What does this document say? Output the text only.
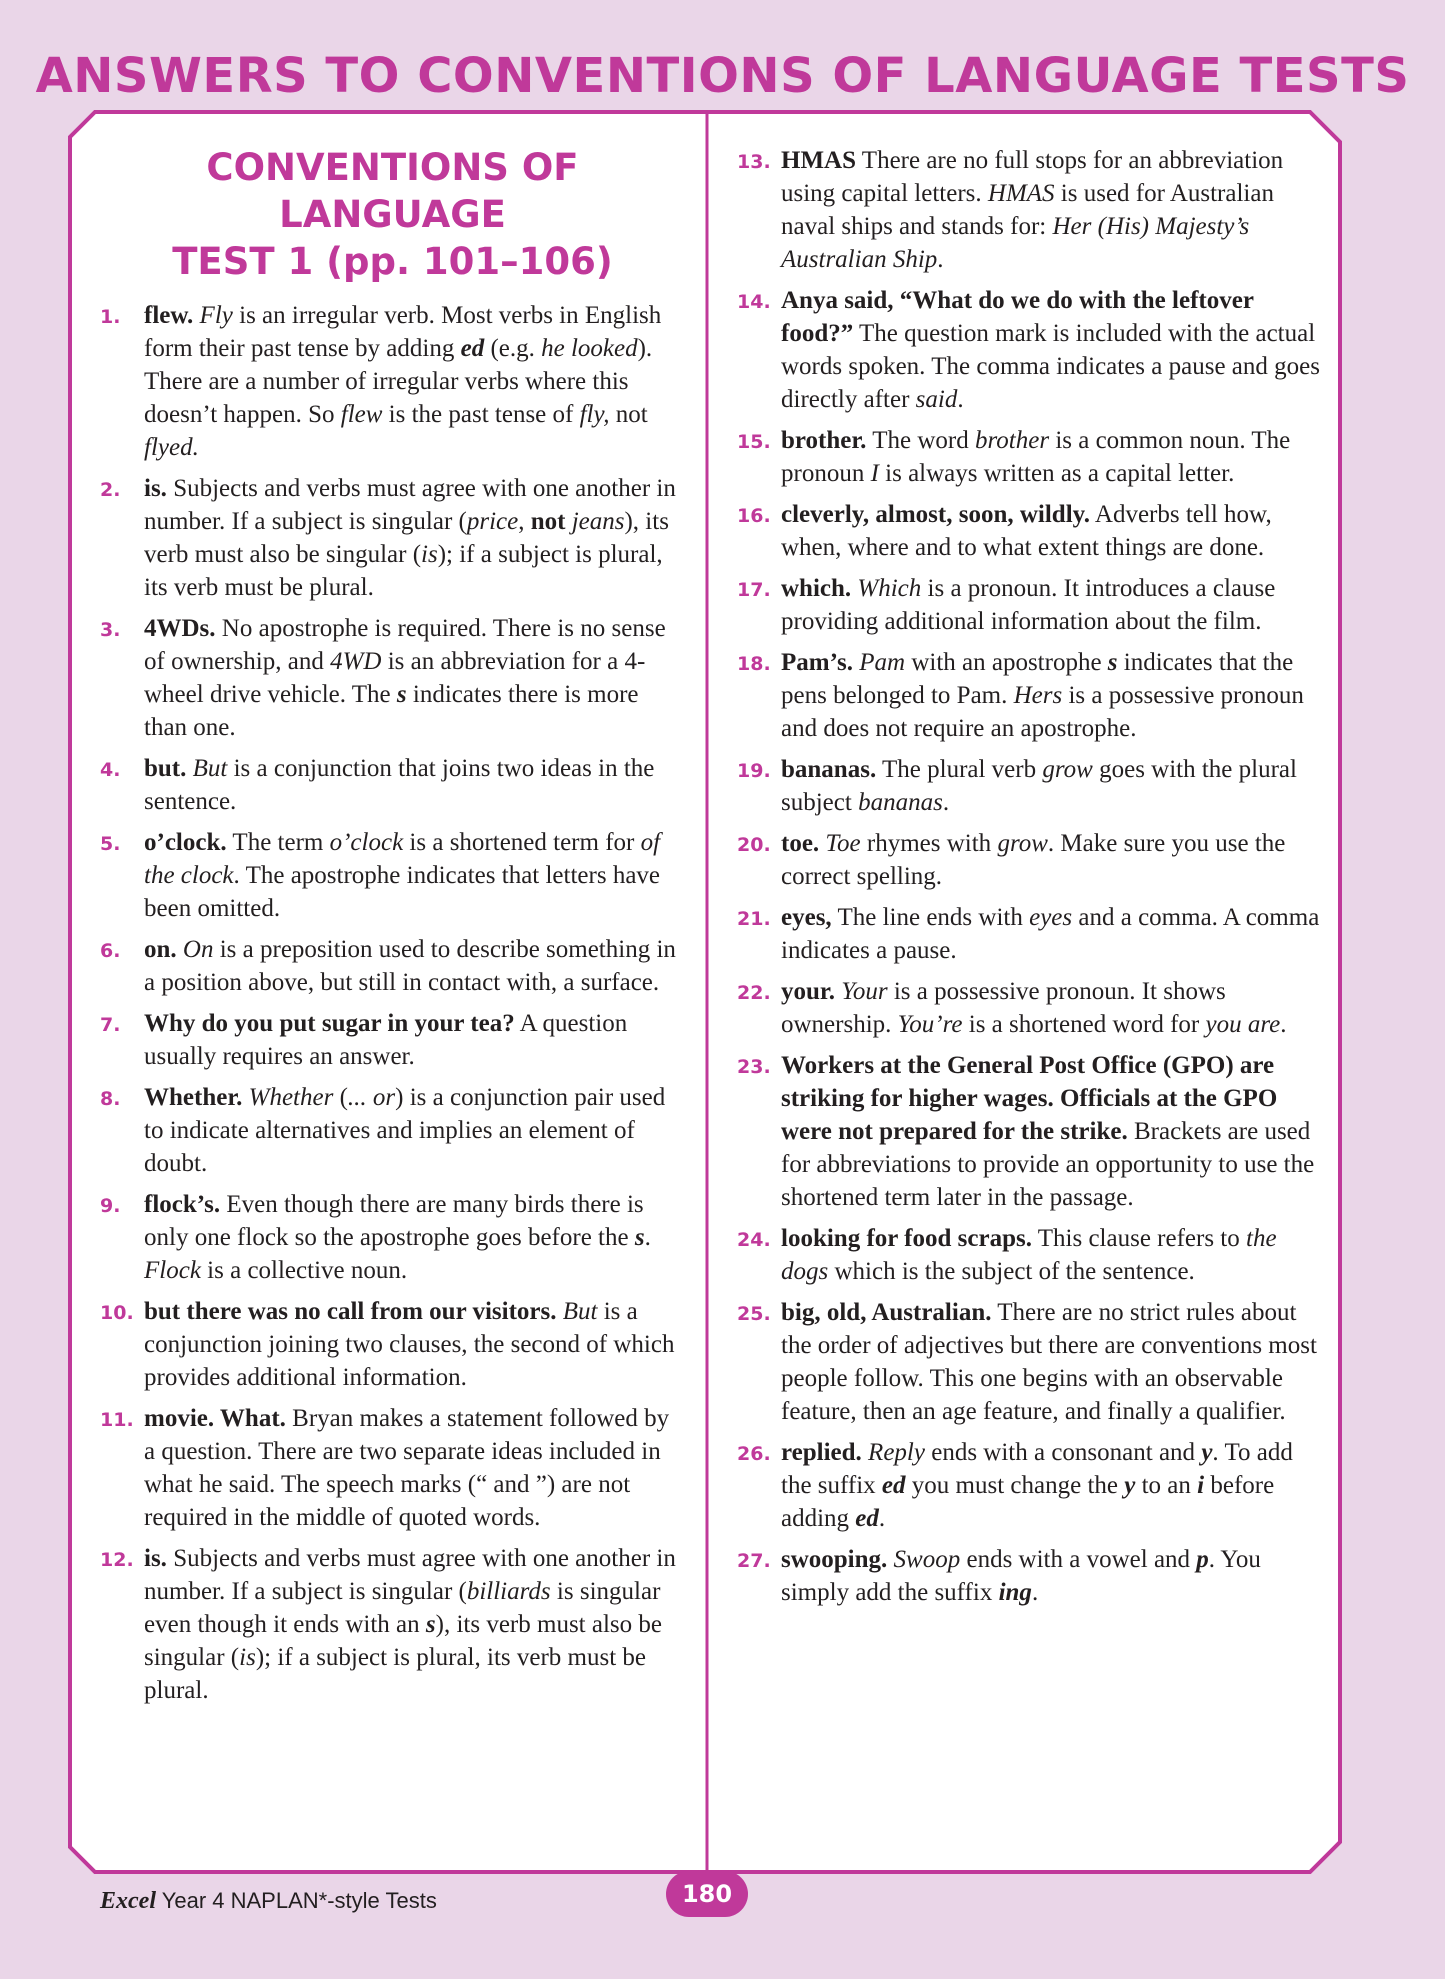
ANSWERS TO CONVENTIONS OF LANGUAGE TESTS
CONVENTIONS OF LANGUAGE
TEST 1 (pp. 101–106)
1. flew. Fly is an irregular verb. Most verbs in English form their past tense by adding ed (e.g. he looked). There are a number of irregular verbs where this doesn’t happen. So flew is the past tense of fly, not flyed.
2. is. Subjects and verbs must agree with one another in number. If a subject is singular (price, not jeans), its verb must also be singular (is); if a subject is plural, its verb must be plural.
3. 4WDs. No apostrophe is required. There is no sense of ownership, and 4WD is an abbreviation for a 4-wheel drive vehicle. The s indicates there is more than one.
4. but. But is a conjunction that joins two ideas in the sentence.
5. o’clock. The term o’clock is a shortened term for of the clock. The apostrophe indicates that letters have been omitted.
6. on. On is a preposition used to describe something in a position above, but still in contact with, a surface.
7. Why do you put sugar in your tea? A question usually requires an answer.
8. Whether. Whether (... or) is a conjunction pair used to indicate alternatives and implies an element of doubt.
9. flock’s. Even though there are many birds there is only one flock so the apostrophe goes before the s. Flock is a collective noun.
10. but there was no call from our visitors. But is a conjunction joining two clauses, the second of which provides additional information.
11. movie. What. Bryan makes a statement followed by a question. There are two separate ideas included in what he said. The speech marks (“ and ”) are not required in the middle of quoted words.
12. is. Subjects and verbs must agree with one another in number. If a subject is singular (billiards is singular even though it ends with an s), its verb must also be singular (is); if a subject is plural, its verb must be plural.
13. HMAS There are no full stops for an abbreviation using capital letters. HMAS is used for Australian naval ships and stands for: Her (His) Majesty’s Australian Ship.
14. Anya said, “What do we do with the leftover food?” The question mark is included with the actual words spoken. The comma indicates a pause and goes directly after said.
15. brother. The word brother is a common noun. The pronoun I is always written as a capital letter.
16. cleverly, almost, soon, wildly. Adverbs tell how, when, where and to what extent things are done.
17. which. Which is a pronoun. It introduces a clause providing additional information about the film.
18. Pam’s. Pam with an apostrophe s indicates that the pens belonged to Pam. Hers is a possessive pronoun and does not require an apostrophe.
19. bananas. The plural verb grow goes with the plural subject bananas.
20. toe. Toe rhymes with grow. Make sure you use the correct spelling.
21. eyes, The line ends with eyes and a comma. A comma indicates a pause.
22. your. Your is a possessive pronoun. It shows ownership. You’re is a shortened word for you are.
23. Workers at the General Post Office (GPO) are striking for higher wages. Officials at the GPO were not prepared for the strike. Brackets are used for abbreviations to provide an opportunity to use the shortened term later in the passage.
24. looking for food scraps. This clause refers to the dogs which is the subject of the sentence.
25. big, old, Australian. There are no strict rules about the order of adjectives but there are conventions most people follow. This one begins with an observable feature, then an age feature, and finally a qualifier.
26. replied. Reply ends with a consonant and y. To add the suffix ed you must change the y to an i before adding ed.
27. swooping. Swoop ends with a vowel and p. You simply add the suffix ing.
Excel Year 4 NAPLAN*-style Tests	180
